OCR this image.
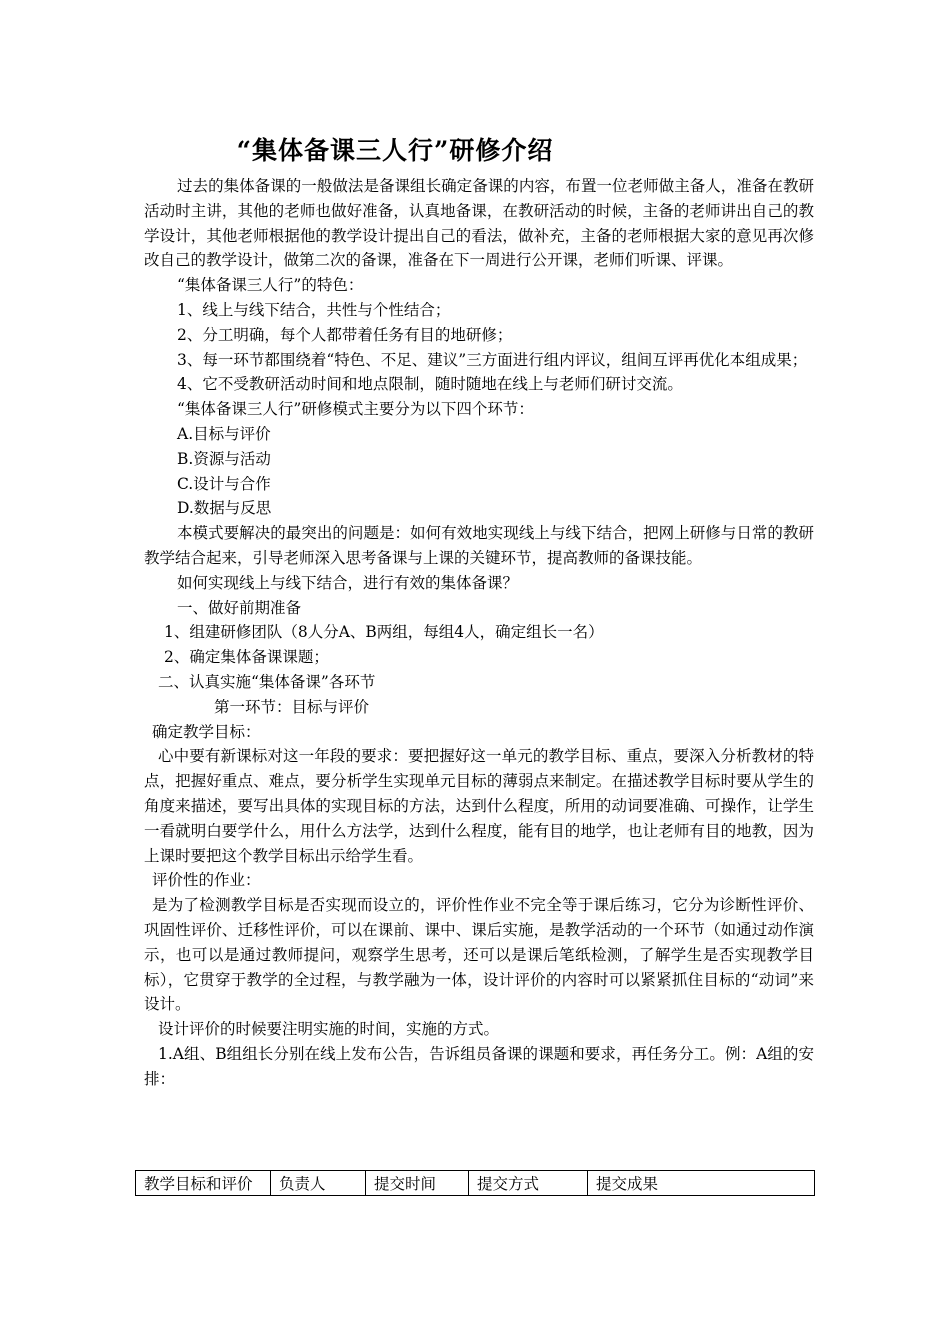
“集体备课三人行”研修介绍

过去的集体备课的一般做法是备课组长确定备课的内容，布置一位老师做主备人，准备在教研活动时主讲，其他的老师也做好准备，认真地备课，在教研活动的时候，主备的老师讲出自己的教学设计，其他老师根据他的教学设计提出自己的看法，做补充，主备的老师根据大家的意见再次修改自己的教学设计，做第二次的备课，准备在下一周进行公开课，老师们听课、评课。

“集体备课三人行”的特色：

1、线上与线下结合，共性与个性结合；

2、分工明确，每个人都带着任务有目的地研修；

3、每一环节都围绕着“特色、不足、建议”三方面进行组内评议，组间互评再优化本组成果；

4、它不受教研活动时间和地点限制，随时随地在线上与老师们研讨交流。

“集体备课三人行”研修模式主要分为以下四个环节：

A.目标与评价

B.资源与活动

C.设计与合作

D.数据与反思

本模式要解决的最突出的问题是：如何有效地实现线上与线下结合，把网上研修与日常的教研教学结合起来，引导老师深入思考备课与上课的关键环节，提高教师的备课技能。

如何实现线上与线下结合，进行有效的集体备课？

一、做好前期准备

1、组建研修团队（8人分A、B两组，每组4人，确定组长一名）

2、确定集体备课课题；

二、认真实施“集体备课”各环节

第一环节：目标与评价

确定教学目标：

心中要有新课标对这一年段的要求：要把握好这一单元的教学目标、重点，要深入分析教材的特点，把握好重点、难点，要分析学生实现单元目标的薄弱点来制定。在描述教学目标时要从学生的角度来描述，要写出具体的实现目标的方法，达到什么程度，所用的动词要准确、可操作，让学生一看就明白要学什么，用什么方法学，达到什么程度，能有目的地学，也让老师有目的地教，因为上课时要把这个教学目标出示给学生看。

评价性的作业：

是为了检测教学目标是否实现而设立的，评价性作业不完全等于课后练习，它分为诊断性评价、巩固性评价、迁移性评价，可以在课前、课中、课后实施，是教学活动的一个环节（如通过动作演示，也可以是通过教师提问，观察学生思考，还可以是课后笔纸检测，了解学生是否实现教学目标），它贯穿于教学的全过程，与教学融为一体，设计评价的内容时可以紧紧抓住目标的“动词”来设计。

设计评价的时候要注明实施的时间，实施的方式。

1.A组、B组组长分别在线上发布公告，告诉组员备课的课题和要求，再任务分工。例：A组的安排：

教学目标和评价	负责人	提交时间	提交方式	提交成果
